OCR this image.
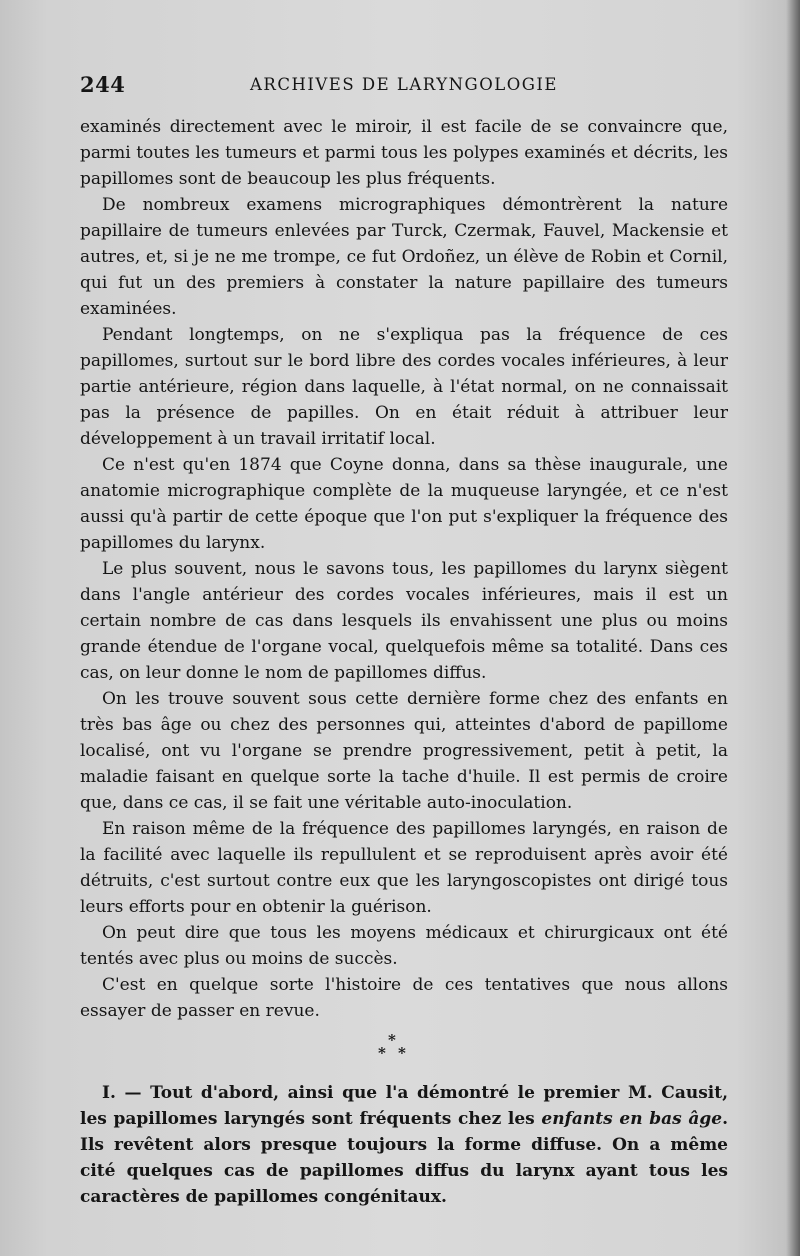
244	ARCHIVES DE LARYNGOLOGIE

examinés directement avec le miroir, il est facile de se convaincre que, parmi toutes les tumeurs et parmi tous les polypes examinés et décrits, les papillomes sont de beaucoup les plus fréquents.

De nombreux examens micrographiques démontrèrent la nature papillaire de tumeurs enlevées par Turck, Czermak, Fauvel, Mackensie et autres, et, si je ne me trompe, ce fut Ordoñez, un élève de Robin et Cornil, qui fut un des premiers à constater la nature papillaire des tumeurs examinées.

Pendant longtemps, on ne s'expliqua pas la fréquence de ces papillomes, surtout sur le bord libre des cordes vocales inférieures, à leur partie antérieure, région dans laquelle, à l'état normal, on ne connaissait pas la présence de papilles. On en était réduit à attribuer leur développement à un travail irritatif local.

Ce n'est qu'en 1874 que Coyne donna, dans sa thèse inaugurale, une anatomie micrographique complète de la muqueuse laryngée, et ce n'est aussi qu'à partir de cette époque que l'on put s'expliquer la fréquence des papillomes du larynx.

Le plus souvent, nous le savons tous, les papillomes du larynx siègent dans l'angle antérieur des cordes vocales inférieures, mais il est un certain nombre de cas dans lesquels ils envahissent une plus ou moins grande étendue de l'organe vocal, quelquefois même sa totalité. Dans ces cas, on leur donne le nom de papillomes diffus.

On les trouve souvent sous cette dernière forme chez des enfants en très bas âge ou chez des personnes qui, atteintes d'abord de papillome localisé, ont vu l'organe se prendre progressivement, petit à petit, la maladie faisant en quelque sorte la tache d'huile. Il est permis de croire que, dans ce cas, il se fait une véritable auto-inoculation.

En raison même de la fréquence des papillomes laryngés, en raison de la facilité avec laquelle ils repullulent et se reproduisent après avoir été détruits, c'est surtout contre eux que les laryngoscopistes ont dirigé tous leurs efforts pour en obtenir la guérison.

On peut dire que tous les moyens médicaux et chirurgicaux ont été tentés avec plus ou moins de succès.

C'est en quelque sorte l'histoire de ces tentatives que nous allons essayer de passer en revue.

*
* *

I. — Tout d'abord, ainsi que l'a démontré le premier M. Causit, les papillomes laryngés sont fréquents chez les enfants en bas âge. Ils revêtent alors presque toujours la forme diffuse. On a même cité quelques cas de papillomes diffus du larynx ayant tous les caractères de papillomes congénitaux.
